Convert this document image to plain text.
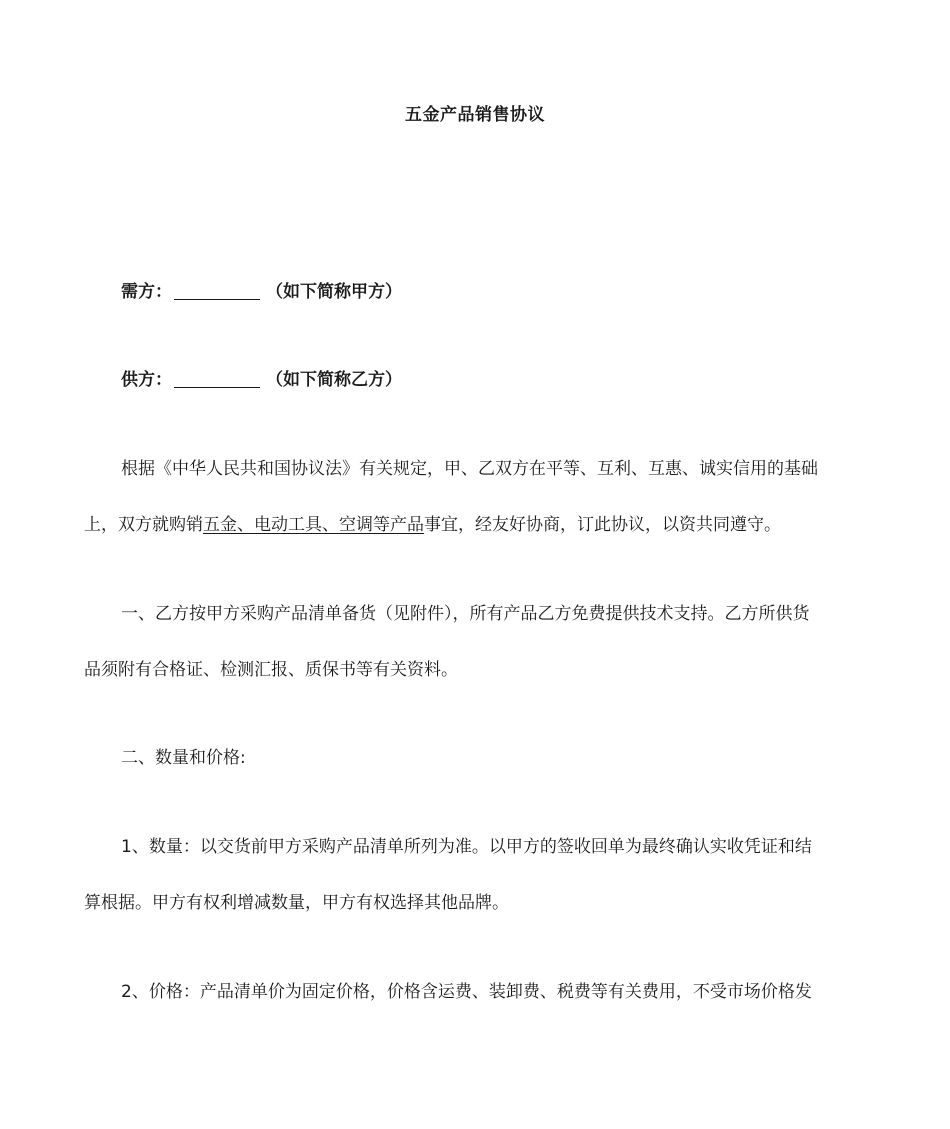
五金产品销售协议
需方：	（如下简称甲方）
供方：	（如下简称乙方）
根据《中华人民共和国协议法》有关规定，甲、乙双方在平等、互利、互惠、诚实信用的基础
上，双方就购销五金、电动工具、空调等产品事宜，经友好协商，订此协议，以资共同遵守。
一、乙方按甲方采购产品清单备货（见附件），所有产品乙方免费提供技术支持。乙方所供货
品须附有合格证、检测汇报、质保书等有关资料。
二、数量和价格:
1、数量：以交货前甲方采购产品清单所列为准。以甲方的签收回单为最终确认实收凭证和结
算根据。甲方有权利增减数量，甲方有权选择其他品牌。
2、价格：产品清单价为固定价格，价格含运费、装卸费、税费等有关费用，不受市场价格发
